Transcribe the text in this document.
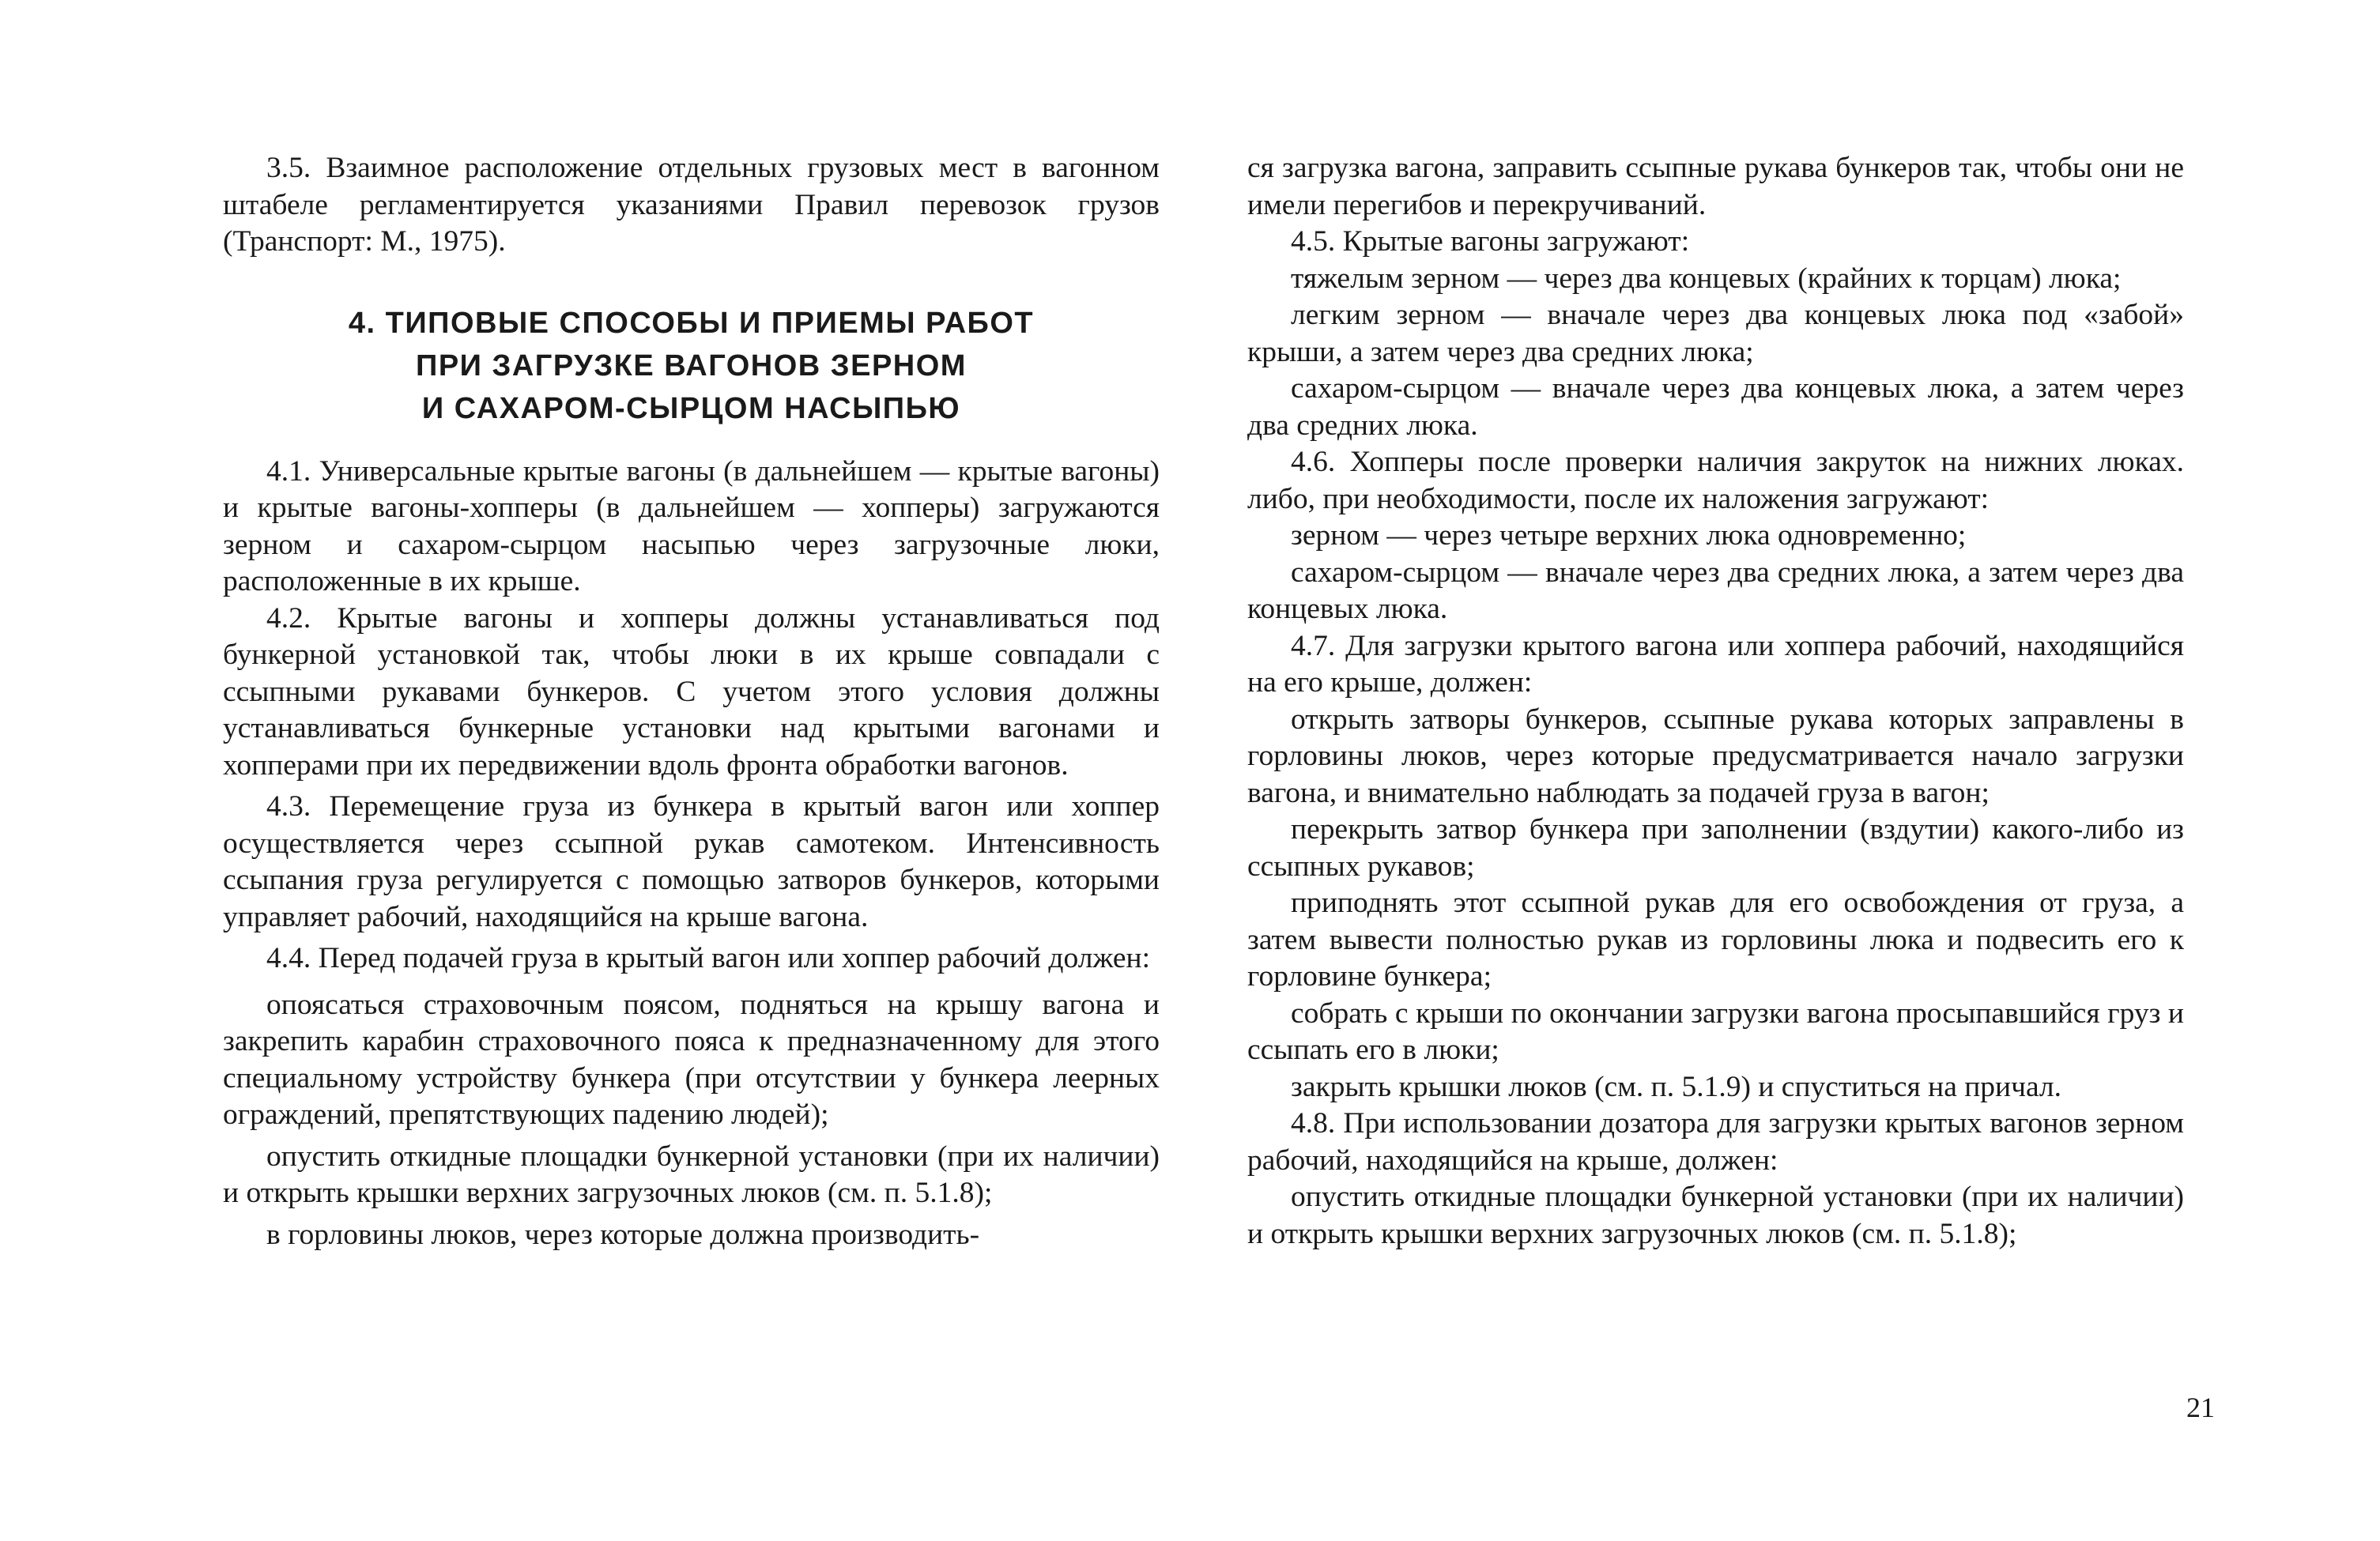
3.5. Взаимное расположение отдельных грузовых мест в вагонном штабеле регламентируется указаниями Правил перевозок грузов (Транспорт: М., 1975).

4. ТИПОВЫЕ СПОСОБЫ И ПРИЕМЫ РАБОТ
ПРИ ЗАГРУЗКЕ ВАГОНОВ ЗЕРНОМ
И САХАРОМ-СЫРЦОМ НАСЫПЬЮ

4.1. Универсальные крытые вагоны (в дальнейшем — крытые вагоны) и крытые вагоны-хопперы (в дальнейшем — хопперы) загружаются зерном и сахаром-сырцом насыпью через загрузочные люки, расположенные в их крыше.

4.2. Крытые вагоны и хопперы должны устанавливаться под бункерной установкой так, чтобы люки в их крыше совпадали с ссыпными рукавами бункеров. С учетом этого условия должны устанавливаться бункерные установки над крытыми вагонами и хопперами при их передвижении вдоль фронта обработки вагонов.

4.3. Перемещение груза из бункера в крытый вагон или хоппер осуществляется через ссыпной рукав самотеком. Интенсивность ссыпания груза регулируется с помощью затворов бункеров, которыми управляет рабочий, находящийся на крыше вагона.

4.4. Перед подачей груза в крытый вагон или хоппер рабочий должен:

опоясаться страховочным поясом, подняться на крышу вагона и закрепить карабин страховочного пояса к предназначенному для этого специальному устройству бункера (при отсутствии у бункера леерных ограждений, препятствующих падению людей);

опустить откидные площадки бункерной установки (при их наличии) и открыть крышки верхних загрузочных люков (см. п. 5.1.8);

в горловины люков, через которые должна производить-

ся загрузка вагона, заправить ссыпные рукава бункеров так, чтобы они не имели перегибов и перекручиваний.

4.5. Крытые вагоны загружают:

тяжелым зерном — через два концевых (крайних к торцам) люка;

легким зерном — вначале через два концевых люка под «забой» крыши, а затем через два средних люка;

сахаром-сырцом — вначале через два концевых люка, а затем через два средних люка.

4.6. Хопперы после проверки наличия закруток на нижних люках. либо, при необходимости, после их наложения загружают:

зерном — через четыре верхних люка одновременно;

сахаром-сырцом — вначале через два средних люка, а затем через два концевых люка.

4.7. Для загрузки крытого вагона или хоппера рабочий, находящийся на его крыше, должен:

открыть затворы бункеров, ссыпные рукава которых заправлены в горловины люков, через которые предусматривается начало загрузки вагона, и внимательно наблюдать за подачей груза в вагон;

перекрыть затвор бункера при заполнении (вздутии) какого-либо из ссыпных рукавов;

приподнять этот ссыпной рукав для его освобождения от груза, а затем вывести полностью рукав из горловины люка и подвесить его к горловине бункера;

собрать с крыши по окончании загрузки вагона просыпавшийся груз и ссыпать его в люки;

закрыть крышки люков (см. п. 5.1.9) и спуститься на причал.

4.8. При использовании дозатора для загрузки крытых вагонов зерном рабочий, находящийся на крыше, должен:

опустить откидные площадки бункерной установки (при их наличии) и открыть крышки верхних загрузочных люков (см. п. 5.1.8);

21
